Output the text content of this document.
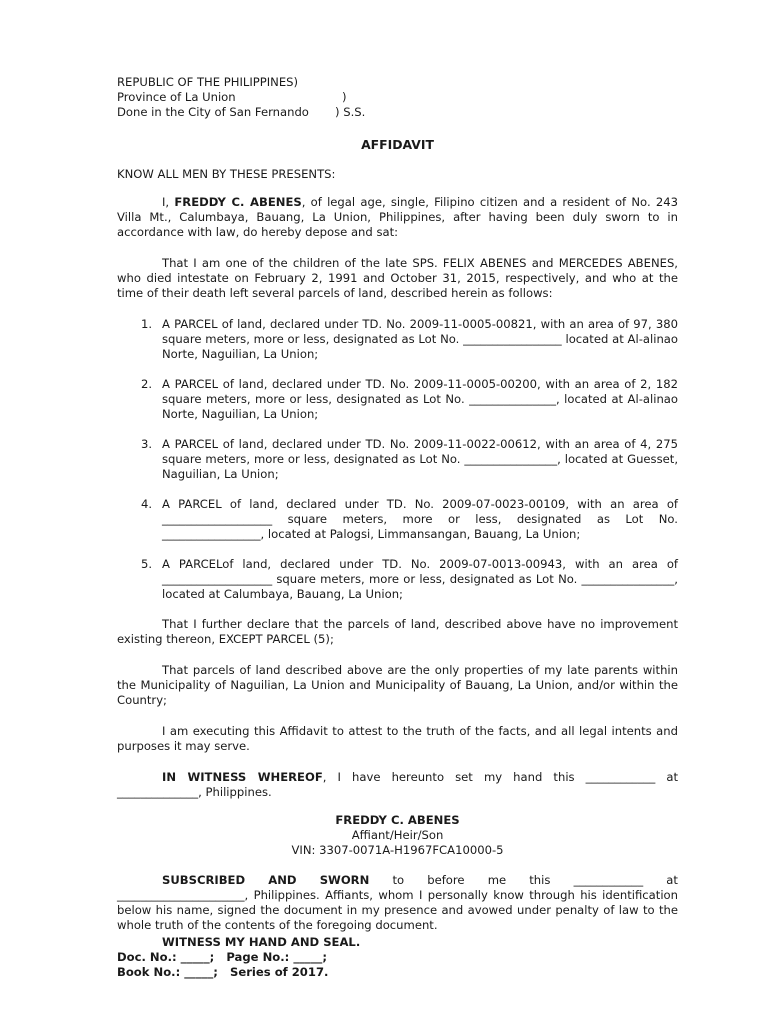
REPUBLIC OF THE PHILIPPINES)
Province of La Union	)
Done in the City of San Fernando ) S.S.
AFFIDAVIT
KNOW ALL MEN BY THESE PRESENTS:

I, FREDDY C. ABENES, of legal age, single, Filipino citizen and a resident of No. 243 Villa Mt., Calumbaya, Bauang, La Union, Philippines, after having been duly sworn to in accordance with law, do hereby depose and sat:

That I am one of the children of the late SPS. FELIX ABENES and MERCEDES ABENES, who died intestate on February 2, 1991 and October 31, 2015, respectively, and who at the time of their death left several parcels of land, described herein as follows:

1. A PARCEL of land, declared under TD. No. 2009-11-0005-00821, with an area of 97, 380 square meters, more or less, designated as Lot No. _________________ located at Al-alinao Norte, Naguilian, La Union;
2. A PARCEL of land, declared under TD. No. 2009-11-0005-00200, with an area of 2, 182 square meters, more or less, designated as Lot No. _______________, located at Al-alinao Norte, Naguilian, La Union;
3. A PARCEL of land, declared under TD. No. 2009-11-0022-00612, with an area of 4, 275 square meters, more or less, designated as Lot No. ________________, located at Guesset, Naguilian, La Union;
4. A PARCEL of land, declared under TD. No. 2009-07-0023-00109, with an area of ___________________ square meters, more or less, designated as Lot No. _________________, located at Palogsi, Limmansangan, Bauang, La Union;
5. A PARCELof land, declared under TD. No. 2009-07-0013-00943, with an area of ___________________ square meters, more or less, designated as Lot No. ________________, located at Calumbaya, Bauang, La Union;

That I further declare that the parcels of land, described above have no improvement existing thereon, EXCEPT PARCEL (5);

That parcels of land described above are the only properties of my late parents within the Municipality of Naguilian, La Union and Municipality of Bauang, La Union, and/or within the Country;

I am executing this Affidavit to attest to the truth of the facts, and all legal intents and purposes it may serve.

IN WITNESS WHEREOF, I have hereunto set my hand this ____________ at ______________, Philippines.

FREDDY C. ABENES
Affiant/Heir/Son
VIN: 3307-0071A-H1967FCA10000-5
SUBSCRIBED AND SWORN to before me this ____________ at

______________________, Philippines. Affiants, whom I personally know through his identification below his name, signed the document in my presence and avowed under penalty of law to the whole truth of the contents of the foregoing document.

WITNESS MY HAND AND SEAL.
Doc. No.: _____;   Page No.: _____;
Book No.: _____;   Series of 2017.
